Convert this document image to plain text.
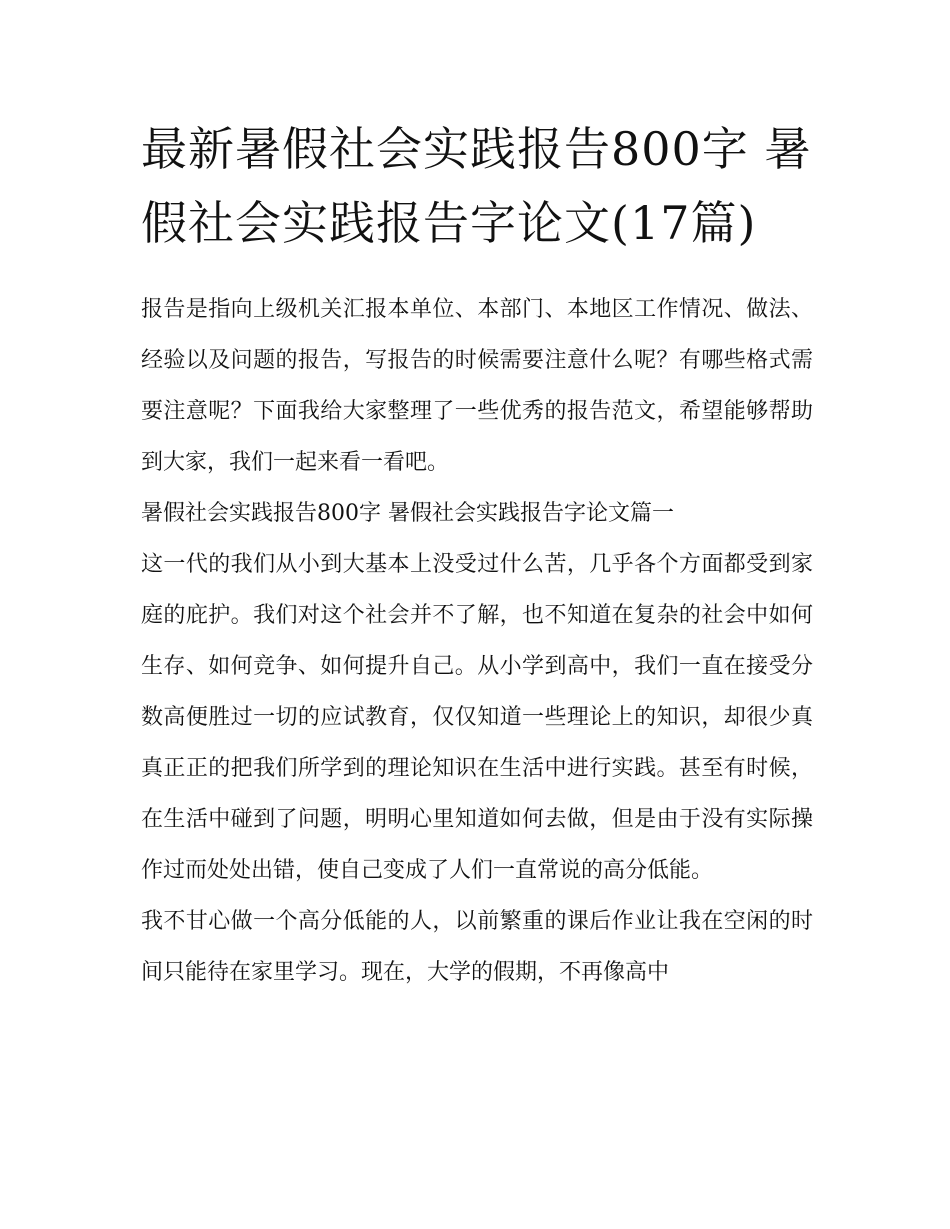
最新暑假社会实践报告800字 暑假社会实践报告字论文(17篇)

报告是指向上级机关汇报本单位、本部门、本地区工作情况、做法、经验以及问题的报告，写报告的时候需要注意什么呢？有哪些格式需要注意呢？下面我给大家整理了一些优秀的报告范文，希望能够帮助到大家，我们一起来看一看吧。

暑假社会实践报告800字 暑假社会实践报告字论文篇一

这一代的我们从小到大基本上没受过什么苦，几乎各个方面都受到家庭的庇护。我们对这个社会并不了解，也不知道在复杂的社会中如何生存、如何竞争、如何提升自己。从小学到高中，我们一直在接受分数高便胜过一切的应试教育，仅仅知道一些理论上的知识，却很少真真正正的把我们所学到的理论知识在生活中进行实践。甚至有时候，在生活中碰到了问题，明明心里知道如何去做，但是由于没有实际操作过而处处出错，使自己变成了人们一直常说的高分低能。

我不甘心做一个高分低能的人，以前繁重的课后作业让我在空闲的时间只能待在家里学习。现在，大学的假期，不再像高中
